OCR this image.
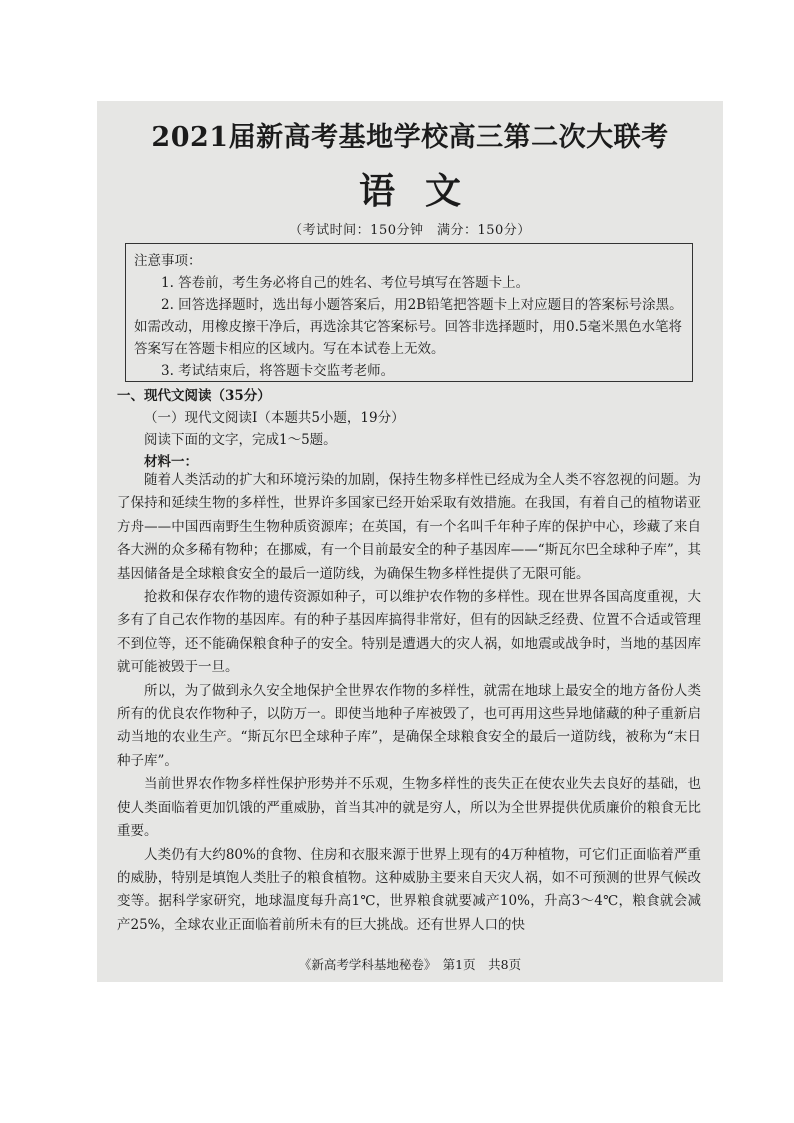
2021届新高考基地学校高三第二次大联考
语文
（考试时间：150分钟　满分：150分）

注意事项：

1. 答卷前，考生务必将自己的姓名、考位号填写在答题卡上。

2. 回答选择题时，选出每小题答案后，用2B铅笔把答题卡上对应题目的答案标号涂黑。如需改动，用橡皮擦干净后，再选涂其它答案标号。回答非选择题时，用0.5毫米黑色水笔将答案写在答题卡相应的区域内。写在本试卷上无效。

3. 考试结束后，将答题卡交监考老师。

一、现代文阅读（35分）

（一）现代文阅读Ⅰ（本题共5小题，19分）

阅读下面的文字，完成1～5题。

材料一：

随着人类活动的扩大和环境污染的加剧，保持生物多样性已经成为全人类不容忽视的问题。为了保持和延续生物的多样性，世界许多国家已经开始采取有效措施。在我国，有着自己的植物诺亚方舟——中国西南野生生物种质资源库；在英国，有一个名叫千年种子库的保护中心，珍藏了来自各大洲的众多稀有物种；在挪威，有一个目前最安全的种子基因库——“斯瓦尔巴全球种子库”，其基因储备是全球粮食安全的最后一道防线，为确保生物多样性提供了无限可能。

抢救和保存农作物的遗传资源如种子，可以维护农作物的多样性。现在世界各国高度重视，大多有了自己农作物的基因库。有的种子基因库搞得非常好，但有的因缺乏经费、位置不合适或管理不到位等，还不能确保粮食种子的安全。特别是遭遇大的灾人祸，如地震或战争时，当地的基因库就可能被毁于一旦。

所以，为了做到永久安全地保护全世界农作物的多样性，就需在地球上最安全的地方备份人类所有的优良农作物种子，以防万一。即使当地种子库被毁了，也可再用这些异地储藏的种子重新启动当地的农业生产。“斯瓦尔巴全球种子库”，是确保全球粮食安全的最后一道防线，被称为“末日种子库”。

当前世界农作物多样性保护形势并不乐观，生物多样性的丧失正在使农业失去良好的基础，也使人类面临着更加饥饿的严重威胁，首当其冲的就是穷人，所以为全世界提供优质廉价的粮食无比重要。

人类仍有大约80%的食物、住房和衣服来源于世界上现有的4万种植物，可它们正面临着严重的威胁，特别是填饱人类肚子的粮食植物。这种威胁主要来自天灾人祸，如不可预测的世界气候改变等。据科学家研究，地球温度每升高1℃，世界粮食就要减产10%，升高3～4℃，粮食就会减产25%，全球农业正面临着前所未有的巨大挑战。还有世界人口的快

《新高考学科基地秘卷》　第1页　共8页
